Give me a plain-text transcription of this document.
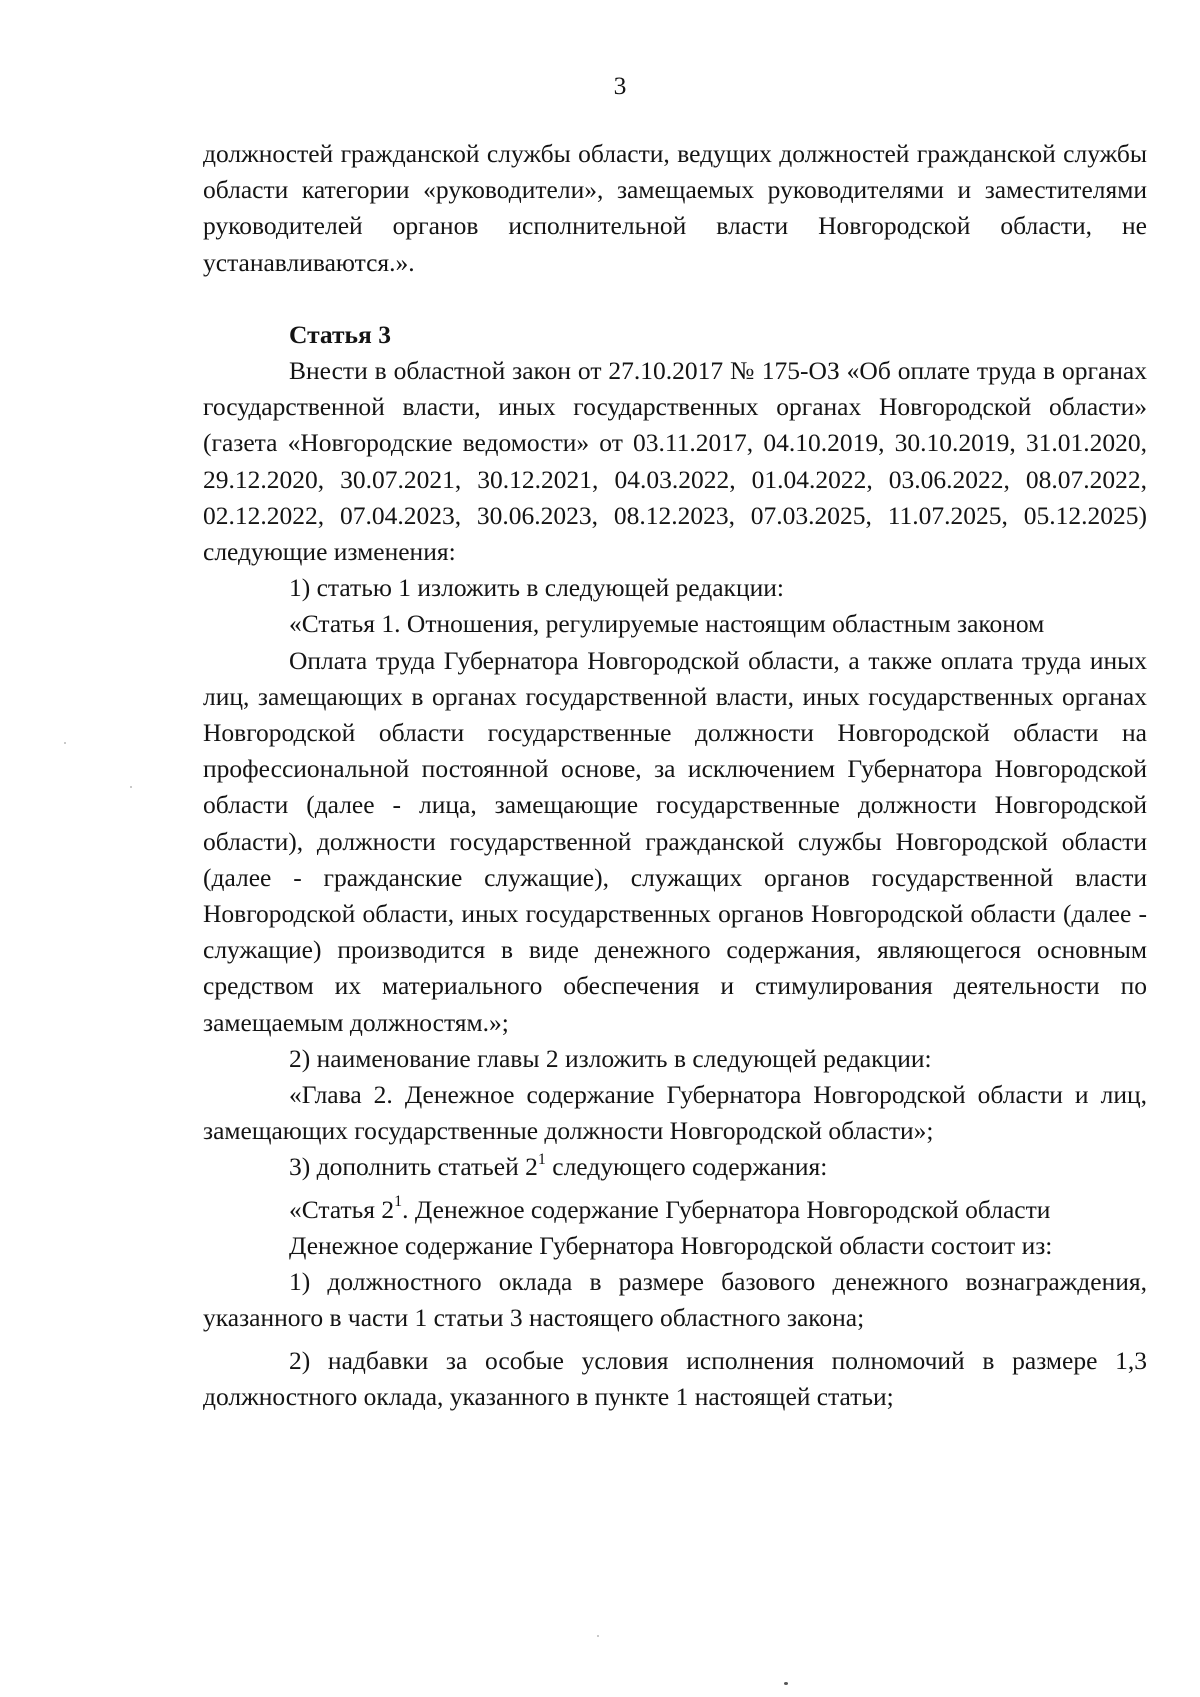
3

должностей гражданской службы области, ведущих должностей гражданской службы области категории «руководители», замещаемых руководителями и заместителями руководителей органов исполнительной власти Новгородской области, не устанавливаются.».

Статья 3

Внести в областной закон от 27.10.2017 № 175-ОЗ «Об оплате труда в органах государственной власти, иных государственных органах Новгородской области» (газета «Новгородские ведомости» от 03.11.2017, 04.10.2019, 30.10.2019, 31.01.2020, 29.12.2020, 30.07.2021, 30.12.2021, 04.03.2022, 01.04.2022, 03.06.2022, 08.07.2022, 02.12.2022, 07.04.2023, 30.06.2023, 08.12.2023, 07.03.2025, 11.07.2025, 05.12.2025) следующие изменения:

1) статью 1 изложить в следующей редакции:

«Статья 1. Отношения, регулируемые настоящим областным законом

Оплата труда Губернатора Новгородской области, а также оплата труда иных лиц, замещающих в органах государственной власти, иных государственных органах Новгородской области государственные должности Новгородской области на профессиональной постоянной основе, за исключением Губернатора Новгородской области (далее - лица, замещающие государственные должности Новгородской области), должности государственной гражданской службы Новгородской области (далее - гражданские служащие), служащих органов государственной власти Новгородской области, иных государственных органов Новгородской области (далее - служащие) производится в виде денежного содержания, являющегося основным средством их материального обеспечения и стимулирования деятельности по замещаемым должностям.»;

2) наименование главы 2 изложить в следующей редакции:

«Глава 2. Денежное содержание Губернатора Новгородской области и лиц, замещающих государственные должности Новгородской области»;

3) дополнить статьей $2^1$ следующего содержания:

«Статья $2^1$. Денежное содержание Губернатора Новгородской области

Денежное содержание Губернатора Новгородской области состоит из:

1) должностного оклада в размере базового денежного вознаграждения, указанного в части 1 статьи 3 настоящего областного закона;

2) надбавки за особые условия исполнения полномочий в размере 1,3 должностного оклада, указанного в пункте 1 настоящей статьи;
